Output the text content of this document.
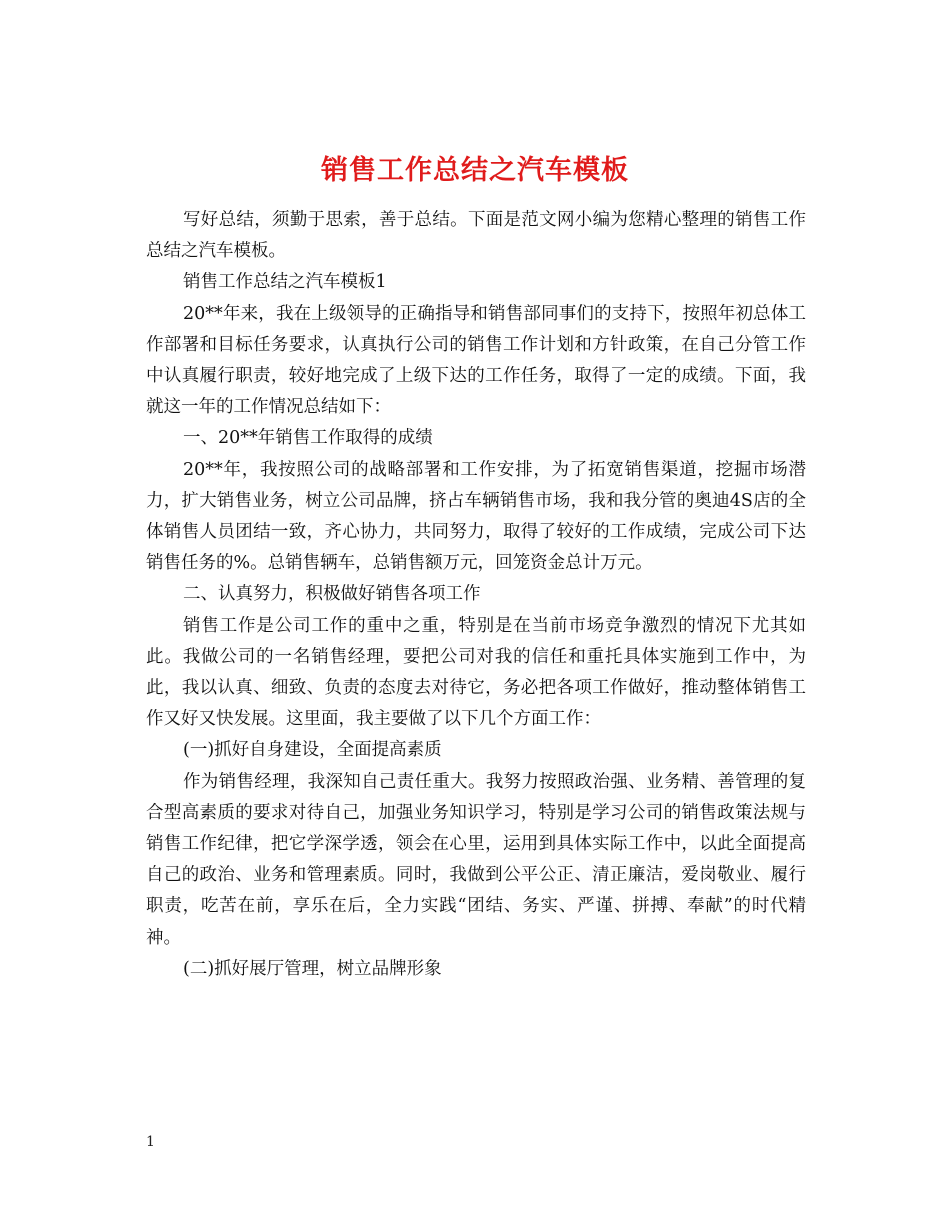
销售工作总结之汽车模板

写好总结，须勤于思索，善于总结。下面是范文网小编为您精心整理的销售工作总结之汽车模板。

销售工作总结之汽车模板1

20**年来，我在上级领导的正确指导和销售部同事们的支持下，按照年初总体工作部署和目标任务要求，认真执行公司的销售工作计划和方针政策，在自己分管工作中认真履行职责，较好地完成了上级下达的工作任务，取得了一定的成绩。下面，我就这一年的工作情况总结如下：

一、20**年销售工作取得的成绩

20**年，我按照公司的战略部署和工作安排，为了拓宽销售渠道，挖掘市场潜力，扩大销售业务，树立公司品牌，挤占车辆销售市场，我和我分管的奥迪4S店的全体销售人员团结一致，齐心协力，共同努力，取得了较好的工作成绩，完成公司下达销售任务的%。总销售辆车，总销售额万元，回笼资金总计万元。

二、认真努力，积极做好销售各项工作

销售工作是公司工作的重中之重，特别是在当前市场竞争激烈的情况下尤其如此。我做公司的一名销售经理，要把公司对我的信任和重托具体实施到工作中，为此，我以认真、细致、负责的态度去对待它，务必把各项工作做好，推动整体销售工作又好又快发展。这里面，我主要做了以下几个方面工作：

(一)抓好自身建设，全面提高素质

作为销售经理，我深知自己责任重大。我努力按照政治强、业务精、善管理的复合型高素质的要求对待自己，加强业务知识学习，特别是学习公司的销售政策法规与销售工作纪律，把它学深学透，领会在心里，运用到具体实际工作中，以此全面提高自己的政治、业务和管理素质。同时，我做到公平公正、清正廉洁，爱岗敬业、履行职责，吃苦在前，享乐在后，全力实践“团结、务实、严谨、拼搏、奉献”的时代精神。

(二)抓好展厅管理，树立品牌形象

1
